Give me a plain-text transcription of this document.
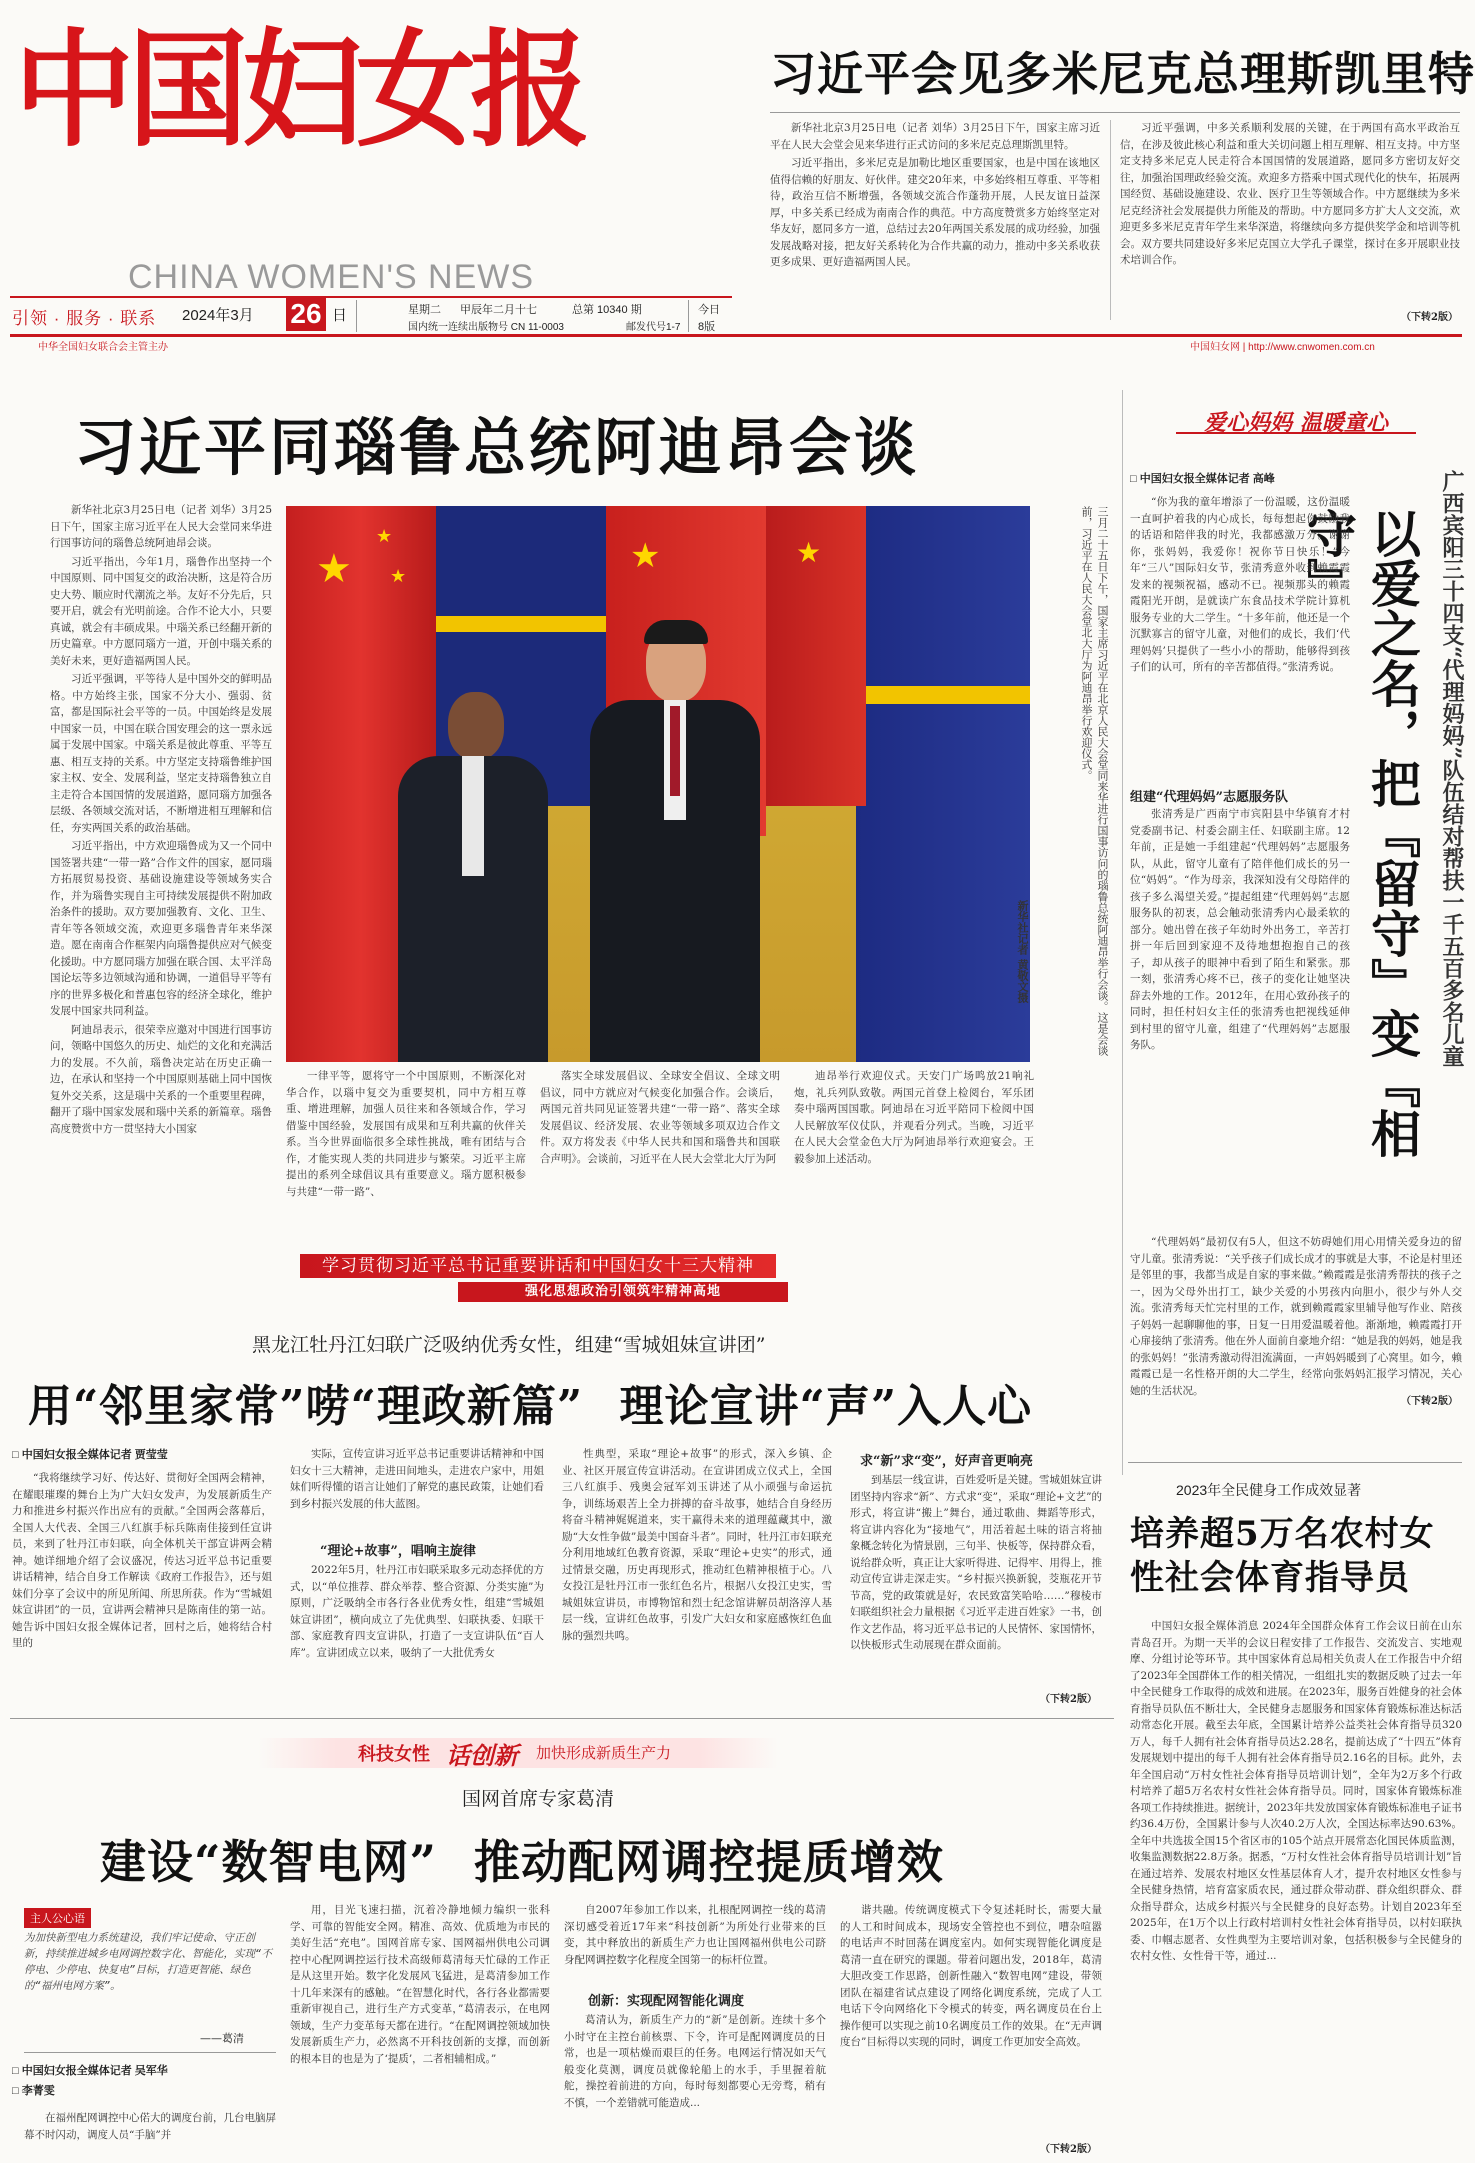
中国妇女报
CHINA WOMEN'S NEWS
引领 · 服务 · 联系 2024年3月 26 日	星期二 甲辰年二月十七	总第 10340 期
国内统一连续出版物号 CN 11-0003	邮发代号1-7
今日
8版
中华全国妇女联合会主管主办	中国妇女网 | http://www.cnwomen.com.cn
习近平会见多米尼克总理斯凯里特

新华社北京3月25日电（记者 刘华）3月25日下午，国家主席习近平在人民大会堂会见来华进行正式访问的多米尼克总理斯凯里特。

习近平指出，多米尼克是加勒比地区重要国家，也是中国在该地区值得信赖的好朋友、好伙伴。建交20年来，中多始终相互尊重、平等相待，政治互信不断增强，各领域交流合作蓬勃开展，人民友谊日益深厚，中多关系已经成为南南合作的典范。中方高度赞赏多方始终坚定对华友好，愿同多方一道，总结过去20年两国关系发展的成功经验，加强发展战略对接，把友好关系转化为合作共赢的动力，推动中多关系收获更多成果、更好造福两国人民。

习近平强调，中多关系顺利发展的关键，在于两国有高水平政治互信，在涉及彼此核心利益和重大关切问题上相互理解、相互支持。中方坚定支持多米尼克人民走符合本国国情的发展道路，愿同多方密切友好交往，加强治国理政经验交流。欢迎多方搭乘中国式现代化的快车，拓展两国经贸、基础设施建设、农业、医疗卫生等领域合作。中方愿继续为多米尼克经济社会发展提供力所能及的帮助。中方愿同多方扩大人文交流，欢迎更多多米尼克青年学生来华深造，将继续向多方提供奖学金和培训等机会。双方要共同建设好多米尼克国立大学孔子课堂，探讨在多开展职业技术培训合作。

（下转2版）
习近平同瑙鲁总统阿迪昂会谈

新华社北京3月25日电（记者 刘华）3月25日下午，国家主席习近平在人民大会堂同来华进行国事访问的瑙鲁总统阿迪昂会谈。

习近平指出，今年1月，瑙鲁作出坚持一个中国原则、同中国复交的政治决断，这是符合历史大势、顺应时代潮流之举。友好不分先后，只要开启，就会有光明前途。合作不论大小，只要真诚，就会有丰硕成果。中瑙关系已经翻开新的历史篇章。中方愿同瑙方一道，开创中瑙关系的美好未来，更好造福两国人民。

习近平强调，平等待人是中国外交的鲜明品格。中方始终主张，国家不分大小、强弱、贫富，都是国际社会平等的一员。中国始终是发展中国家一员，中国在联合国安理会的这一票永远属于发展中国家。中瑙关系是彼此尊重、平等互惠、相互支持的关系。中方坚定支持瑙鲁维护国家主权、安全、发展利益，坚定支持瑙鲁独立自主走符合本国国情的发展道路，愿同瑙方加强各层级、各领域交流对话，不断增进相互理解和信任，夯实两国关系的政治基础。

习近平指出，中方欢迎瑙鲁成为又一个同中国签署共建“一带一路”合作文件的国家，愿同瑙方拓展贸易投资、基础设施建设等领域务实合作，并为瑙鲁实现自主可持续发展提供不附加政治条件的援助。双方要加强教育、文化、卫生、青年等各领域交流，欢迎更多瑙鲁青年来华深造。愿在南南合作框架内向瑙鲁提供应对气候变化援助。中方愿同瑙方加强在联合国、太平洋岛国论坛等多边领域沟通和协调，一道倡导平等有序的世界多极化和普惠包容的经济全球化，维护发展中国家共同利益。

阿迪昂表示，很荣幸应邀对中国进行国事访问，领略中国悠久的历史、灿烂的文化和充满活力的发展。不久前，瑙鲁决定站在历史正确一边，在承认和坚持一个中国原则基础上同中国恢复外交关系，这是瑙中关系的一个重要里程碑，翻开了瑙中国家发展和瑙中关系的新篇章。瑙鲁高度赞赏中方一贯坚持大小国家

★
★
★
★	★	三月二十五日下午，国家主席习近平在北京人民大会堂同来华进行国事访问的瑙鲁总统阿迪昂举行会谈。这是会谈前，习近平在人民大会堂北大厅为阿迪昂举行欢迎仪式。
新华社记者 黄敬文摄

一律平等，愿将守一个中国原则，不断深化对华合作，以瑙中复交为重要契机，同中方相互尊重、增进理解，加强人员往来和各领域合作，学习借鉴中国经验，发展国有成果和互利共赢的伙伴关系。当今世界面临很多全球性挑战，唯有团结与合作，才能实现人类的共同进步与繁荣。习近平主席提出的系列全球倡议具有重要意义。瑙方愿积极参与共建“一带一路”、

落实全球发展倡议、全球安全倡议、全球文明倡议，同中方就应对气候变化加强合作。会谈后，两国元首共同见证签署共建“一带一路”、落实全球发展倡议、经济发展、农业等领域多项双边合作文件。双方将发表《中华人民共和国和瑙鲁共和国联合声明》。会谈前，习近平在人民大会堂北大厅为阿

迪昂举行欢迎仪式。天安门广场鸣放21响礼炮，礼兵列队致敬。两国元首登上检阅台，军乐团奏中瑙两国国歌。阿迪昂在习近平陪同下检阅中国人民解放军仪仗队，并观看分列式。当晚，习近平在人民大会堂金色大厅为阿迪昂举行欢迎宴会。王毅参加上述活动。

爱心妈妈 温暖童心
□ 中国妇女报全媒体记者 高峰	广西宾阳三十四支“代理妈妈”队伍结对帮扶一千五百多名儿童
以爱之名，把『留守』变『相守』

“你为我的童年增添了一份温暖，这份温暖一直呵护着我的内心成长，每每想起你鼓励我的话语和陪伴我的时光，我都感激万分。谢谢你，张妈妈，我爱你！祝你节日快乐！”今年“三八”国际妇女节，张清秀意外收到赖霞霞发来的视频祝福，感动不已。视频那头的赖霞霞阳光开朗，是就读广东食品技术学院计算机服务专业的大二学生。“十多年前，他还是一个沉默寡言的留守儿童，对他们的成长，我们‘代理妈妈’只提供了一些小小的帮助，能够得到孩子们的认可，所有的辛苦都值得。”张清秀说。

组建“代理妈妈”志愿服务队

张清秀是广西南宁市宾阳县中华镇育才村党委副书记、村委会副主任、妇联副主席。12年前，正是她一手组建起“代理妈妈”志愿服务队，从此，留守儿童有了陪伴他们成长的另一位“妈妈”。“作为母亲，我深知没有父母陪伴的孩子多么渴望关爱。”提起组建“代理妈妈”志愿服务队的初衷，总会触动张清秀内心最柔软的部分。她出曾在孩子年幼时外出务工，辛苦打拼一年后回到家迎不及待地想抱抱自己的孩子，却从孩子的眼神中看到了陌生和紧张。那一刻，张清秀心疼不已，孩子的变化让她坚决辞去外地的工作。2012年，在用心致孙孩子的同时，担任村妇女主任的张清秀也把视线延伸到村里的留守儿童，组建了“代理妈妈”志愿服务队。

“代理妈妈”最初仅有5人，但这不妨碍她们用心用情关爱身边的留守儿童。张清秀说：“关乎孩子们成长成才的事就是大事，不论是村里还是邻里的事，我都当成是自家的事来做。”赖霞霞是张清秀帮扶的孩子之一，因为父母外出打工，缺少关爱的小男孩内向胆小，很少与外人交流。张清秀每天忙完村里的工作，就到赖霞霞家里辅导他写作业、陪孩子妈妈一起聊聊他的事，日复一日用爱温暖着他。渐渐地，赖霞霞打开心扉接纳了张清秀。他在外人面前自豪地介绍：“她是我的妈妈，她是我的张妈妈！”张清秀激动得泪流满面，一声妈妈暖到了心窝里。如今，赖霞霞已是一名性格开朗的大二学生，经常向张妈妈汇报学习情况，关心她的生活状况。

（下转2版）
学习贯彻习近平总书记重要讲话和中国妇女十三大精神
强化思想政治引领筑牢精神高地
黑龙江牡丹江妇联广泛吸纳优秀女性，组建“雪城姐妹宣讲团”
用“邻里家常”唠“理政新篇” 理论宣讲“声”入人心
□ 中国妇女报全媒体记者 贾莹莹

“我将继续学习好、传达好、贯彻好全国两会精神，在耀眼璀璨的舞台上为广大妇女发声，为发展新质生产力和推进乡村振兴作出应有的贡献。”全国两会落幕后，全国人大代表、全国三八红旗手标兵陈南佳接到任宣讲员，来到了牡丹江市妇联，向全体机关干部宣讲两会精神。她详细地介绍了会议盛况，传达习近平总书记重要讲话精神，结合自身工作解读《政府工作报告》，还与姐妹们分享了会议中的所见所闻、所思所获。作为“雪城姐妹宣讲团”的一员，宣讲两会精神只是陈南佳的第一站。她告诉中国妇女报全媒体记者，回村之后，她将结合村里的

实际，宣传宣讲习近平总书记重要讲话精神和中国妇女十三大精神，走进田间地头，走进农户家中，用姐妹们听得懂的语言让她们了解党的惠民政策，让她们看到乡村振兴发展的伟大蓝图。

“理论+故事”，唱响主旋律

2022年5月，牡丹江市妇联采取多元动态择优的方式，以“单位推荐、群众举荐、整合资源、分类实施”为原则，广泛吸纳全市各行各业优秀女性，组建“雪城姐妹宣讲团”，横向成立了先优典型、妇联执委、妇联干部、家庭教育四支宣讲队，打造了一支宣讲队伍“百人库”。宣讲团成立以来，吸纳了一大批优秀女

性典型，采取“理论+故事”的形式，深入乡镇、企业、社区开展宣传宣讲活动。在宣讲团成立仪式上，全国三八红旗手、残奥会冠军刘玉讲述了从小顽强与命运抗争，训练场艰苦上全力拼搏的奋斗故事，她结合自身经历将奋斗精神娓娓道来，实干赢得未来的道理蕴藏其中，激励“大女性争做”最美中国奋斗者”。同时，牡丹江市妇联充分利用地域红色教育资源，采取“理论+史实”的形式，通过情景交融，历史再现形式，推动红色精神根植于心。八女投江是牡丹江市一张红色名片，根据八女投江史实，雪城姐妹宣讲员，市博物馆和烈士纪念馆讲解员胡洛淳人基层一线，宣讲红色故事，引发广大妇女和家庭感恢红色血脉的强烈共鸣。

求“新”求“变”，好声音更响亮

到基层一线宣讲，百姓爱听是关键。雪城姐妹宣讲团坚持内容求“新”、方式求“变”，采取“理论+文艺”的形式，将宣讲“搬上”舞台，通过歌曲、舞蹈等形式，将宣讲内容化为“接地气”，用活着起土味的语言将抽象概念转化为情景剧，三句半、快板等，保持群众看，说给群众听，真正让大家听得进、记得牢、用得上，推动宣传宣讲走深走实。“乡村振兴换新貌，茭瓶花开节节高，党的政策就是好，农民致富笑哈哈……”穆棱市妇联组织社会力量根据《习近平走进百姓家》一书，创作文艺作品，将习近平总书记的人民情怀、家国情怀，以快板形式生动展现在群众面前。

（下转2版）
2023年全民健身工作成效显著
培养超5万名农村女性社会体育指导员

中国妇女报全媒体消息 2024年全国群众体育工作会议日前在山东青岛召开。为期一天半的会议日程安排了工作报告、交流发言、实地观摩、分组讨论等环节。其中国家体育总局相关负责人在工作报告中介绍了2023年全国群体工作的相关情况，一组组扎实的数据反映了过去一年中全民健身工作取得的成效和进展。在2023年，服务百姓健身的社会体育指导员队伍不断壮大，全民健身志愿服务和国家体育锻炼标准达标活动常态化开展。截至去年底，全国累计培养公益类社会体育指导员320万人，每千人拥有社会体育指导员达2.28名，提前达成了“十四五”体育发展规划中提出的每千人拥有社会体育指导员2.16名的目标。此外，去年全国启动“万村女性社会体育指导员培训计划”，全年为2万多个行政村培养了超5万名农村女性社会体育指导员。同时，国家体育锻炼标准各项工作持续推进。据统计，2023年共发放国家体育锻炼标准电子证书约36.4万份，全国累计参与人次40.2万人次，全国达标率达90.63%。全年中共选拔全国15个省区市的105个站点开展常态化国民体质监测，收集监测数据22.8万条。据悉，“万村女性社会体育指导员培训计划”旨在通过培养、发展农村地区女性基层体育人才，提升农村地区女性参与全民健身热情，培育富家质农民，通过群众带动群、群众组织群众、群众指导群众，达成乡村振兴与全民健身的良好态势。计划自2023年至2025年，在1万个以上行政村培训村女性社会体育指导员，以村妇联执委、巾帼志愿者、女性典型为主要培训对象，包括积极参与全民健身的农村女性、女性骨干等，通过...

科技女性 话创新 加快形成新质生产力
国网首席专家葛清
建设“数智电网” 推动配网调控提质增效
主人公心语
为加快新型电力系统建设，我们牢记使命、守正创新，持续推进城乡电网调控数字化、智能化，实现“不停电、少停电、快复电”目标，打造更智能、绿色的“福州电网方案”。
——葛清
□ 中国妇女报全媒体记者 吴军华
□ 李菁雯

在福州配网调控中心偌大的调度台前，几台电脑屏幕不时闪动，调度人员“手脑”并

用，目光飞速扫描，沉着冷静地倾力编织一张科学、可靠的智能安全网。精准、高效、优质地为市民的美好生活“充电”。国网首席专家、国网福州供电公司调控中心配网调控运行技术高级师葛清每天忙碌的工作正是从这里开始。数字化发展风飞猛进，是葛清参加工作十几年来深有的感触。“在智慧化时代，各行各业都需要重新审视自己，进行生产方式变革，”葛清表示，在电网领域，生产力变革每天都在进行。“在配网调控领域加快发展新质生产力，必然离不开科技创新的支撑，而创新的根本目的也是为了‘提质’，二者相辅相成。”

自2007年参加工作以来，扎根配网调控一线的葛清深切感受着近17年来“科技创新”为所处行业带来的巨变，其中释放出的新质生产力也让国网福州供电公司跻身配网调控数字化程度全国第一的标杆位置。

创新：实现配网智能化调度

葛清认为，新质生产力的“新”是创新。连续十多个小时守在主控台前核票、下令，许可是配网调度员的日常，也是一项枯燥而艰巨的任务。电网运行情况如天气般变化莫测，调度员就像轮船上的水手，手里握着航舵，操控着前进的方向，每时每刻都要心无旁骛，稍有不慎，一个差错就可能造成...

谐共融。传统调度模式下令复述耗时长，需要大量的人工和时间成本，现场安全管控也不到位，嘈杂喧嚣的电话声不时回荡在调度室内。如何实现智能化调度是葛清一直在研究的课题。带着问题出发，2018年，葛清大胆改变工作思路，创新性融入“数智电网”建设，带领团队在福建省试点建设了网络化调度系统，完成了人工电话下令向网络化下令模式的转变，两名调度员在台上操作便可以实现之前10名调度员工作的效果。在“无声调度台”目标得以实现的同时，调度工作更加安全高效。

（下转2版）
